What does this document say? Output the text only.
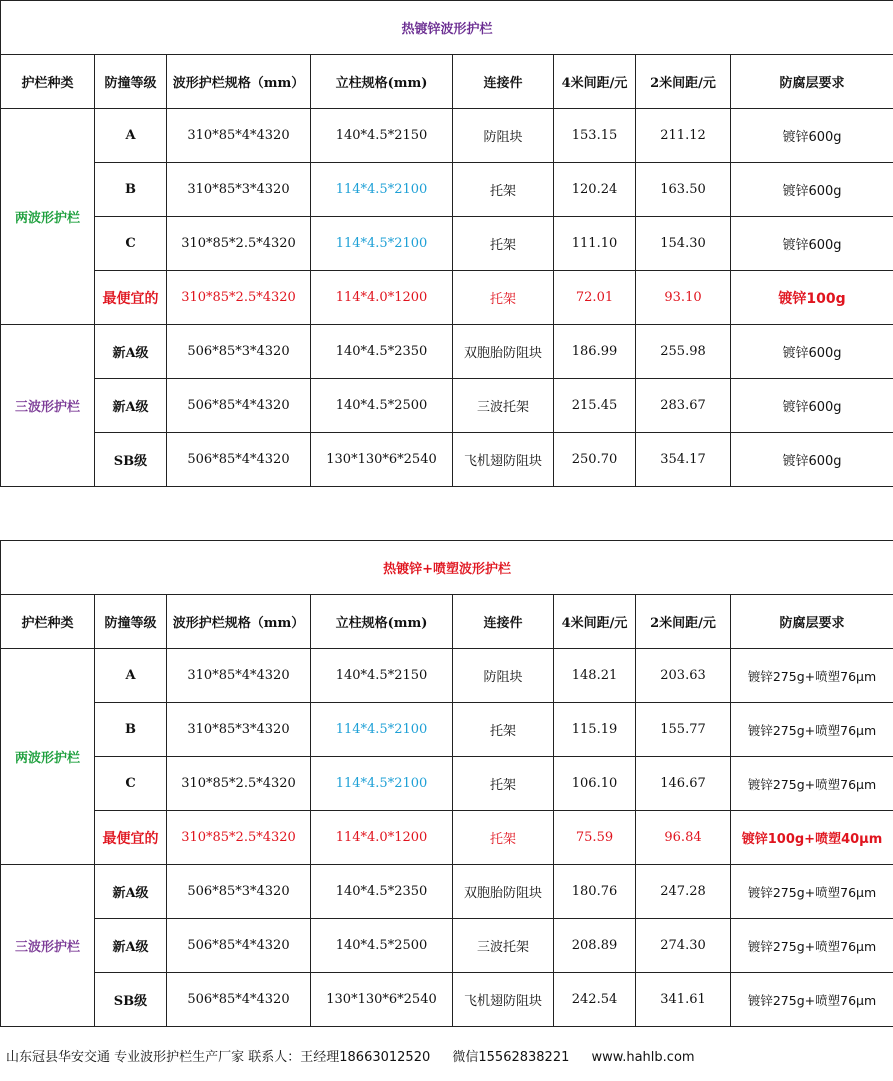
热镀锌波形护栏							
护栏种类	防撞等级	波形护栏规格（mm）	立柱规格(mm)	连接件	4米间距/元	2米间距/元	防腐层要求
两波形护栏	A	310*85*4*4320	140*4.5*2150	防阻块	153.15	211.12	镀锌600g
	B	310*85*3*4320	114*4.5*2100	托架	120.24	163.50	镀锌600g
	C	310*85*2.5*4320	114*4.5*2100	托架	111.10	154.30	镀锌600g
	最便宜的	310*85*2.5*4320	114*4.0*1200	托架	72.01	93.10	镀锌100g
三波形护栏	新A级	506*85*3*4320	140*4.5*2350	双胞胎防阻块	186.99	255.98	镀锌600g
	新A级	506*85*4*4320	140*4.5*2500	三波托架	215.45	283.67	镀锌600g
	SB级	506*85*4*4320	130*130*6*2540	飞机翅防阻块	250.70	354.17	镀锌600g
热镀锌+喷塑波形护栏							
护栏种类	防撞等级	波形护栏规格（mm）	立柱规格(mm)	连接件	4米间距/元	2米间距/元	防腐层要求
两波形护栏	A	310*85*4*4320	140*4.5*2150	防阻块	148.21	203.63	镀锌275g+喷塑76μm
	B	310*85*3*4320	114*4.5*2100	托架	115.19	155.77	镀锌275g+喷塑76μm
	C	310*85*2.5*4320	114*4.5*2100	托架	106.10	146.67	镀锌275g+喷塑76μm
	最便宜的	310*85*2.5*4320	114*4.0*1200	托架	75.59	96.84	镀锌100g+喷塑40μm
三波形护栏	新A级	506*85*3*4320	140*4.5*2350	双胞胎防阻块	180.76	247.28	镀锌275g+喷塑76μm
	新A级	506*85*4*4320	140*4.5*2500	三波托架	208.89	274.30	镀锌275g+喷塑76μm
	SB级	506*85*4*4320	130*130*6*2540	飞机翅防阻块	242.54	341.61	镀锌275g+喷塑76μm
山东冠县华安交通 专业波形护栏生产厂家 联系人：王经理18663012520 微信15562838221 www.hahlb.com
